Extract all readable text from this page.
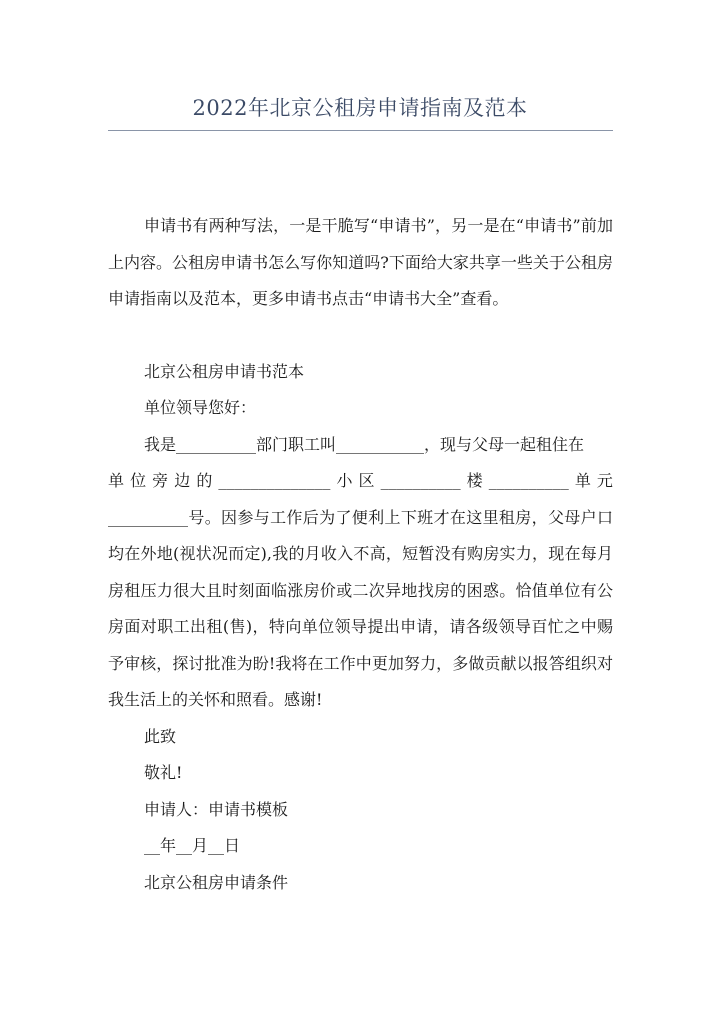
2022年北京公租房申请指南及范本

申请书有两种写法，一是干脆写“申请书”，另一是在“申请书”前加上内容。公租房申请书怎么写你知道吗?下面给大家共享一些关于公租房申请指南以及范本，更多申请书点击“申请书大全”查看。

北京公租房申请书范本

单位领导您好：

我是__________部门职工叫___________，现与父母一起租住在

单 位 旁 边 的 ______________ 小 区 __________ 楼 __________ 单 元

__________号。因参与工作后为了便利上下班才在这里租房，父母户口均在外地(视状况而定),我的月收入不高，短暂没有购房实力，现在每月房租压力很大且时刻面临涨房价或二次异地找房的困惑。恰值单位有公房面对职工出租(售)，特向单位领导提出申请，请各级领导百忙之中赐予审核，探讨批准为盼!我将在工作中更加努力，多做贡献以报答组织对我生活上的关怀和照看。感谢!

此致

敬礼!

申请人：申请书模板

__年__月__日

北京公租房申请条件
